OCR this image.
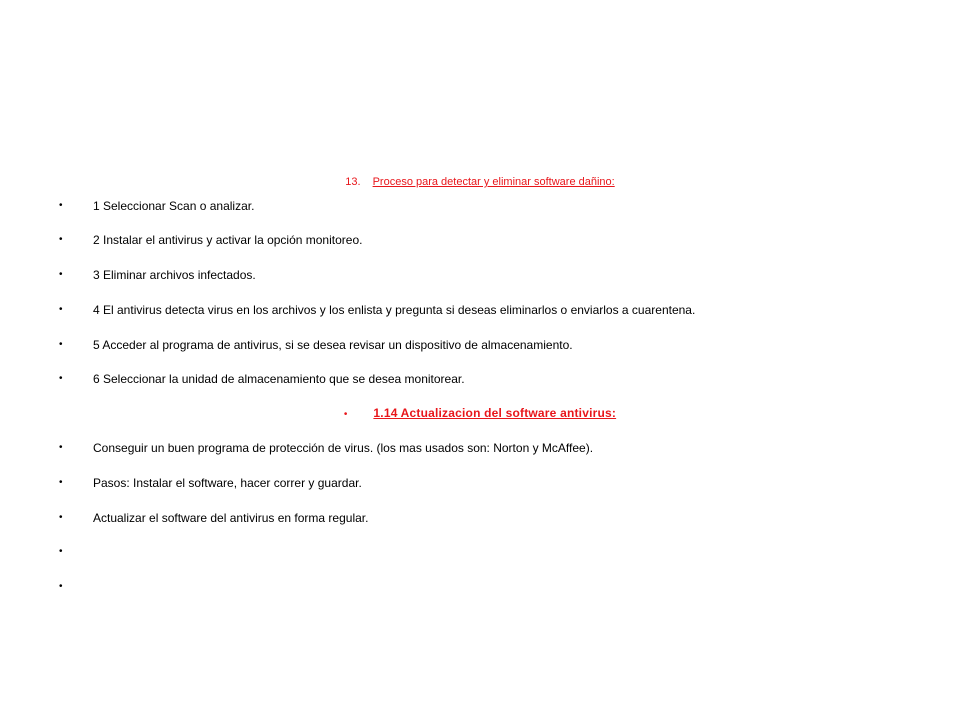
13. Proceso para detectar y eliminar software dañino:
•	1 Seleccionar Scan o analizar.
•	2 Instalar el antivirus y activar la opción monitoreo.
•	3 Eliminar archivos infectados.
•	4 El antivirus detecta virus en los archivos y los enlista y pregunta si deseas eliminarlos o enviarlos a cuarentena.
•	5 Acceder al programa de antivirus, si se desea revisar un dispositivo de almacenamiento.
•	6 Seleccionar la unidad de almacenamiento que se desea monitorear.
• 1.14 Actualizacion del software antivirus:
•	Conseguir un buen programa de protección de virus. (los mas usados son: Norton y McAffee).
•	Pasos: Instalar el software, hacer correr y guardar.
•	Actualizar el software del antivirus en forma regular.
•
•
